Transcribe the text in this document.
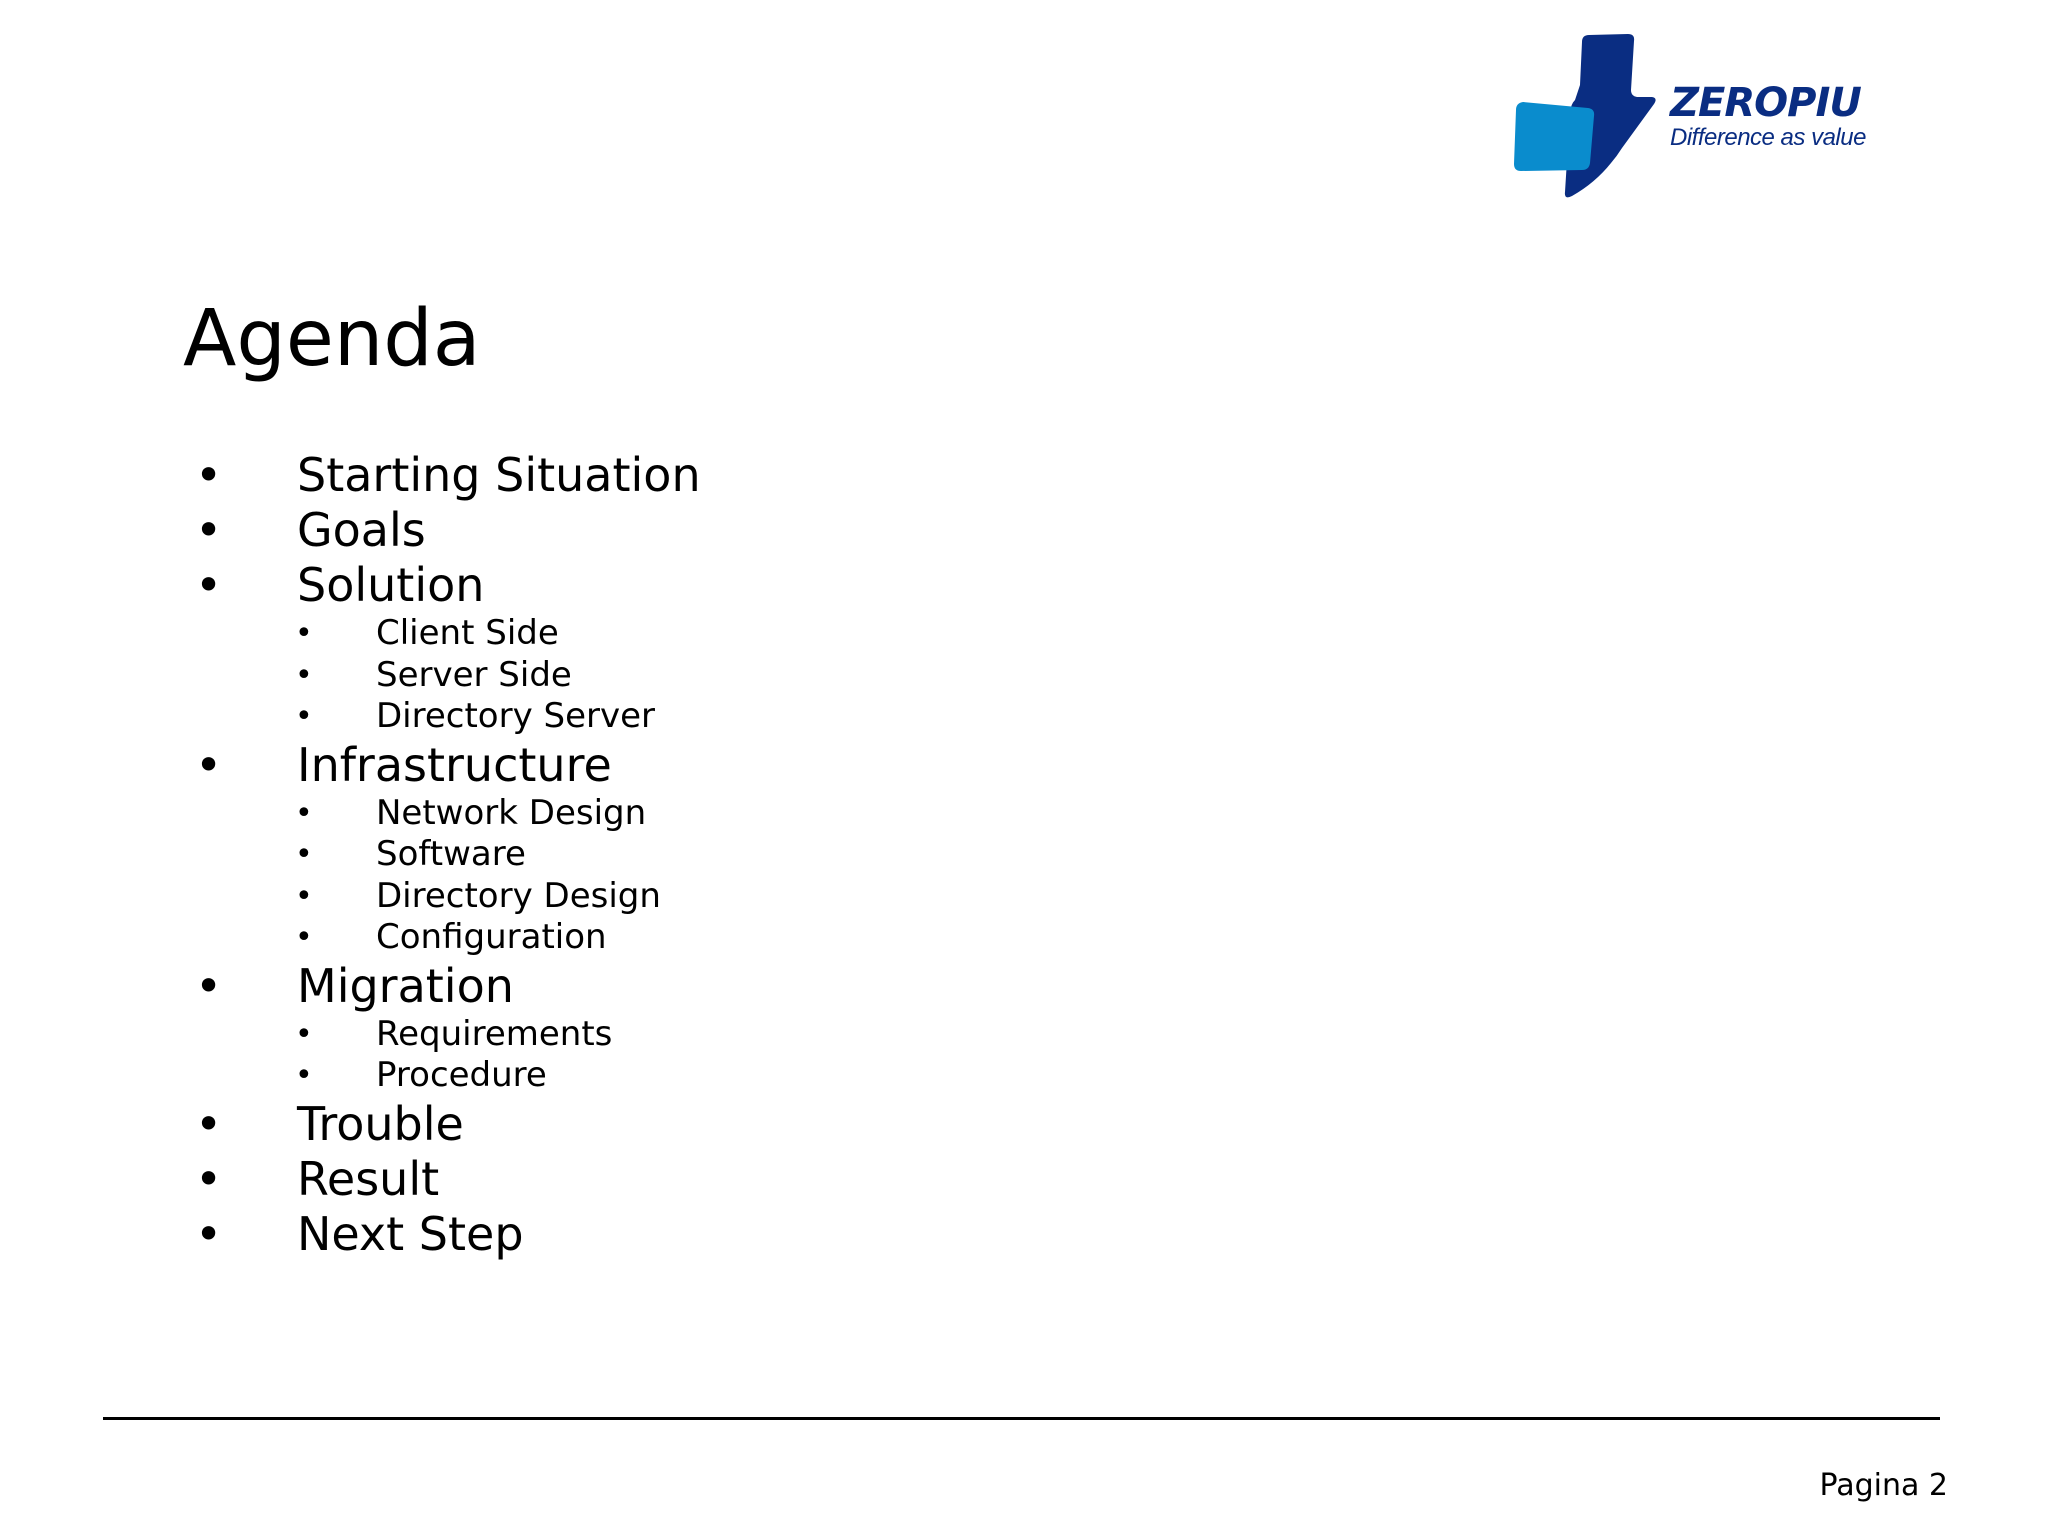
ZEROPIU
Difference as value
Agenda
• Starting Situation
• Goals
• Solution
• Client Side
• Server Side
• Directory Server
• Infrastructure
• Network Design
• Software
• Directory Design
• Configuration
• Migration
• Requirements
• Procedure
• Trouble
• Result
• Next Step
Pagina 2
